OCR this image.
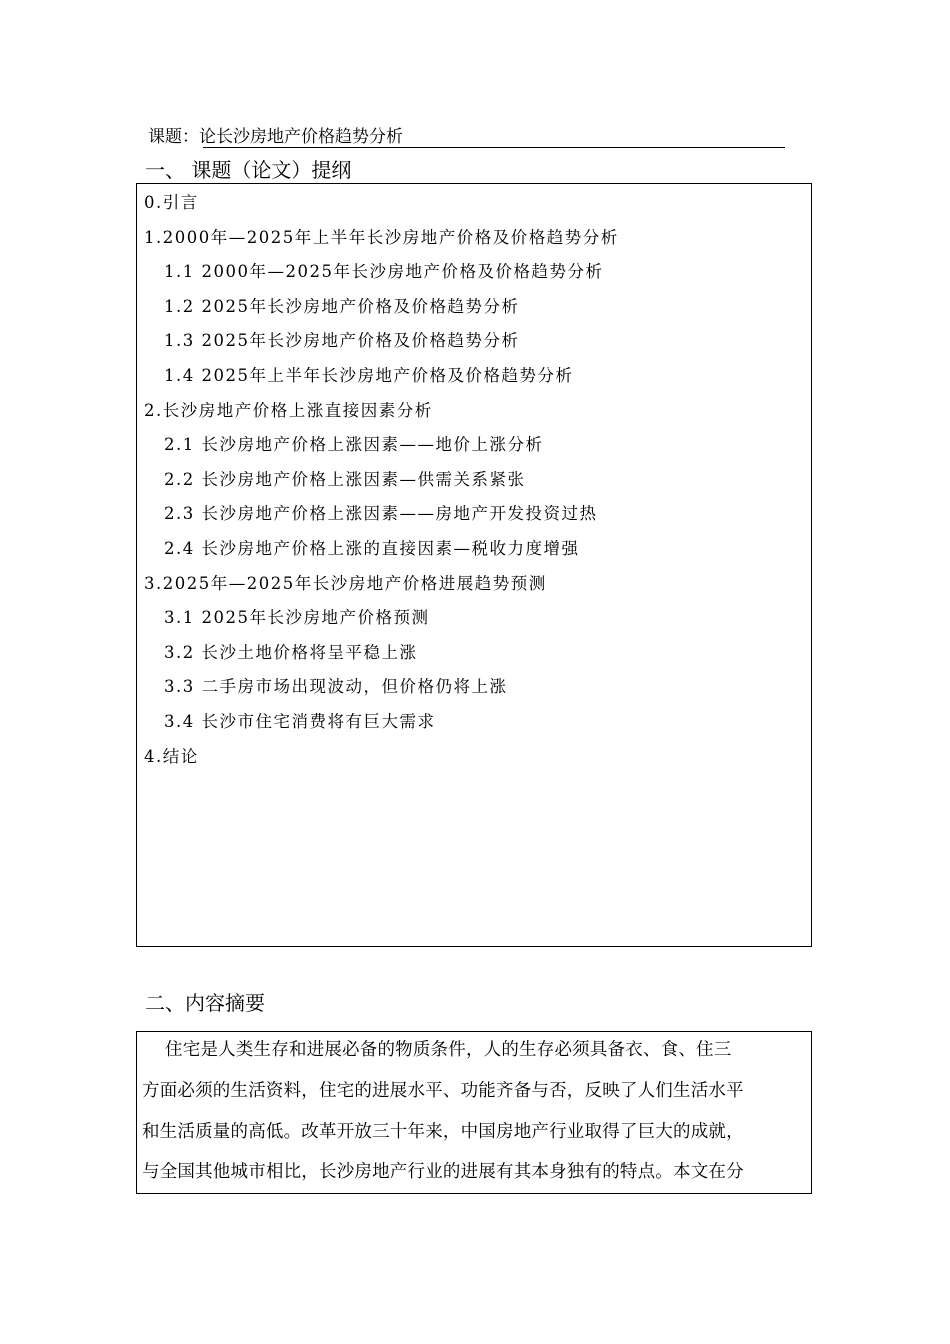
课题：论长沙房地产价格趋势分析
一、 课题（论文）提纲
0.引言
1.2000年—2025年上半年长沙房地产价格及价格趋势分析
1.1 2000年—2025年长沙房地产价格及价格趋势分析
1.2 2025年长沙房地产价格及价格趋势分析
1.3 2025年长沙房地产价格及价格趋势分析
1.4 2025年上半年长沙房地产价格及价格趋势分析
2.长沙房地产价格上涨直接因素分析
2.1 长沙房地产价格上涨因素——地价上涨分析
2.2 长沙房地产价格上涨因素—供需关系紧张
2.3 长沙房地产价格上涨因素——房地产开发投资过热
2.4 长沙房地产价格上涨的直接因素—税收力度增强
3.2025年—2025年长沙房地产价格进展趋势预测
3.1 2025年长沙房地产价格预测
3.2 长沙土地价格将呈平稳上涨
3.3 二手房市场出现波动，但价格仍将上涨
3.4 长沙市住宅消费将有巨大需求
4.结论
二、内容摘要
住宅是人类生存和进展必备的物质条件，人的生存必须具备衣、食、住三
方面必须的生活资料，住宅的进展水平、功能齐备与否，反映了人们生活水平
和生活质量的高低。改革开放三十年来，中国房地产行业取得了巨大的成就，
与全国其他城市相比，长沙房地产行业的进展有其本身独有的特点。本文在分
